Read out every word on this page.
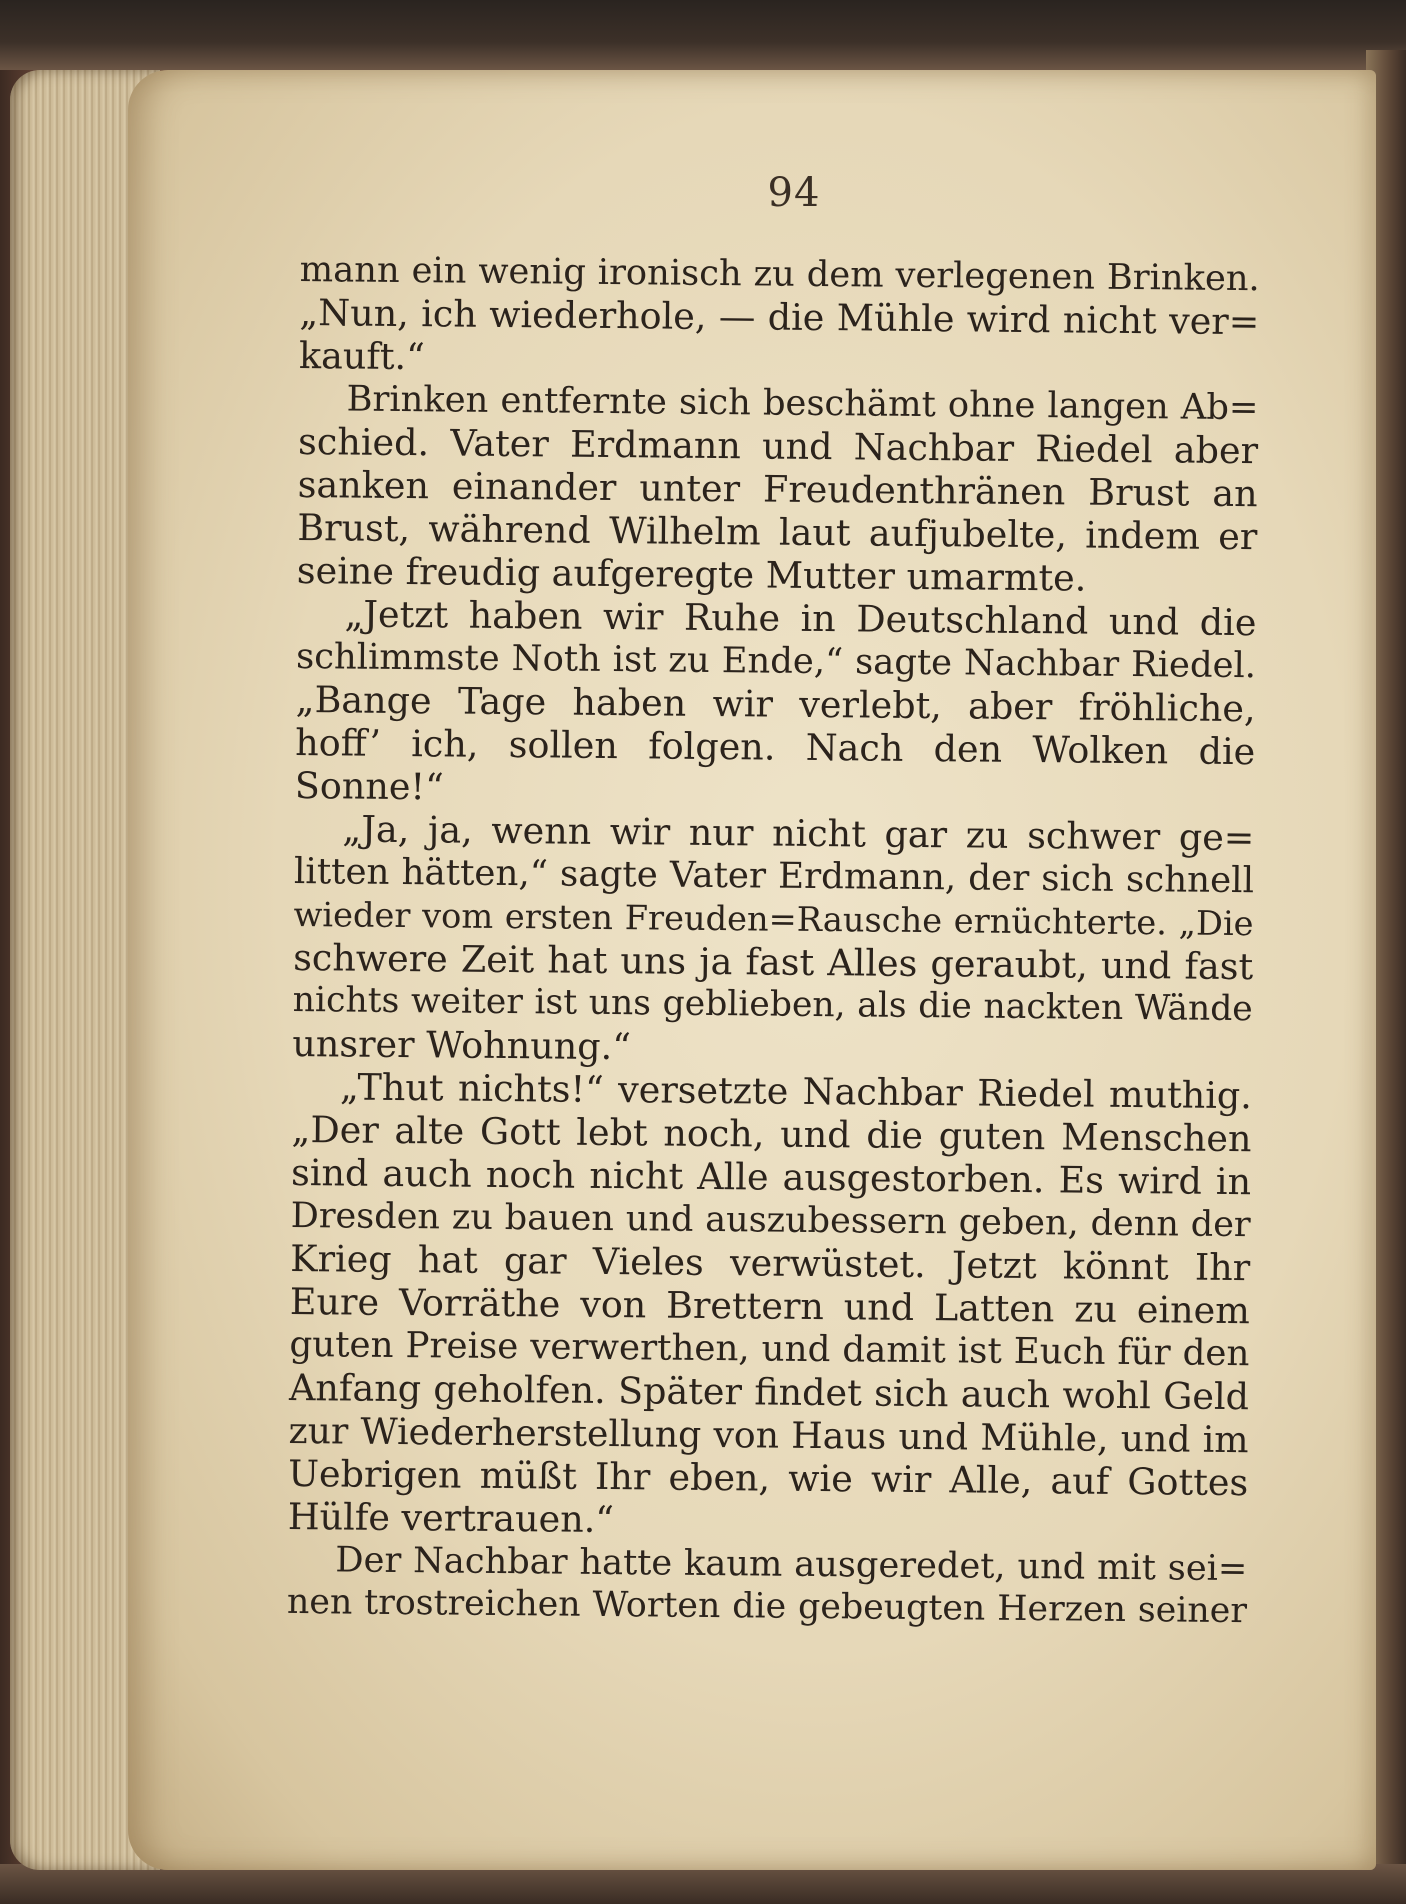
94
mann ein wenig ironisch zu dem verlegenen Brinken.
„Nun, ich wiederhole, — die Mühle wird nicht ver=
kauft.“
Brinken entfernte sich beschämt ohne langen Ab=
schied. Vater Erdmann und Nachbar Riedel aber
sanken einander unter Freudenthränen Brust an
Brust, während Wilhelm laut aufjubelte, indem er
seine freudig aufgeregte Mutter umarmte.
„Jetzt haben wir Ruhe in Deutschland und die
schlimmste Noth ist zu Ende,“ sagte Nachbar Riedel.
„Bange Tage haben wir verlebt, aber fröhliche,
hoff’ ich, sollen folgen. Nach den Wolken die
Sonne!“
„Ja, ja, wenn wir nur nicht gar zu schwer ge=
litten hätten,“ sagte Vater Erdmann, der sich schnell
wieder vom ersten Freuden=Rausche ernüchterte. „Die
schwere Zeit hat uns ja fast Alles geraubt, und fast
nichts weiter ist uns geblieben, als die nackten Wände
unsrer Wohnung.“
„Thut nichts!“ versetzte Nachbar Riedel muthig.
„Der alte Gott lebt noch, und die guten Menschen
sind auch noch nicht Alle ausgestorben. Es wird in
Dresden zu bauen und auszubessern geben, denn der
Krieg hat gar Vieles verwüstet. Jetzt könnt Ihr
Eure Vorräthe von Brettern und Latten zu einem
guten Preise verwerthen, und damit ist Euch für den
Anfang geholfen. Später findet sich auch wohl Geld
zur Wiederherstellung von Haus und Mühle, und im
Uebrigen müßt Ihr eben, wie wir Alle, auf Gottes
Hülfe vertrauen.“
Der Nachbar hatte kaum ausgeredet, und mit sei=
nen trostreichen Worten die gebeugten Herzen seiner
